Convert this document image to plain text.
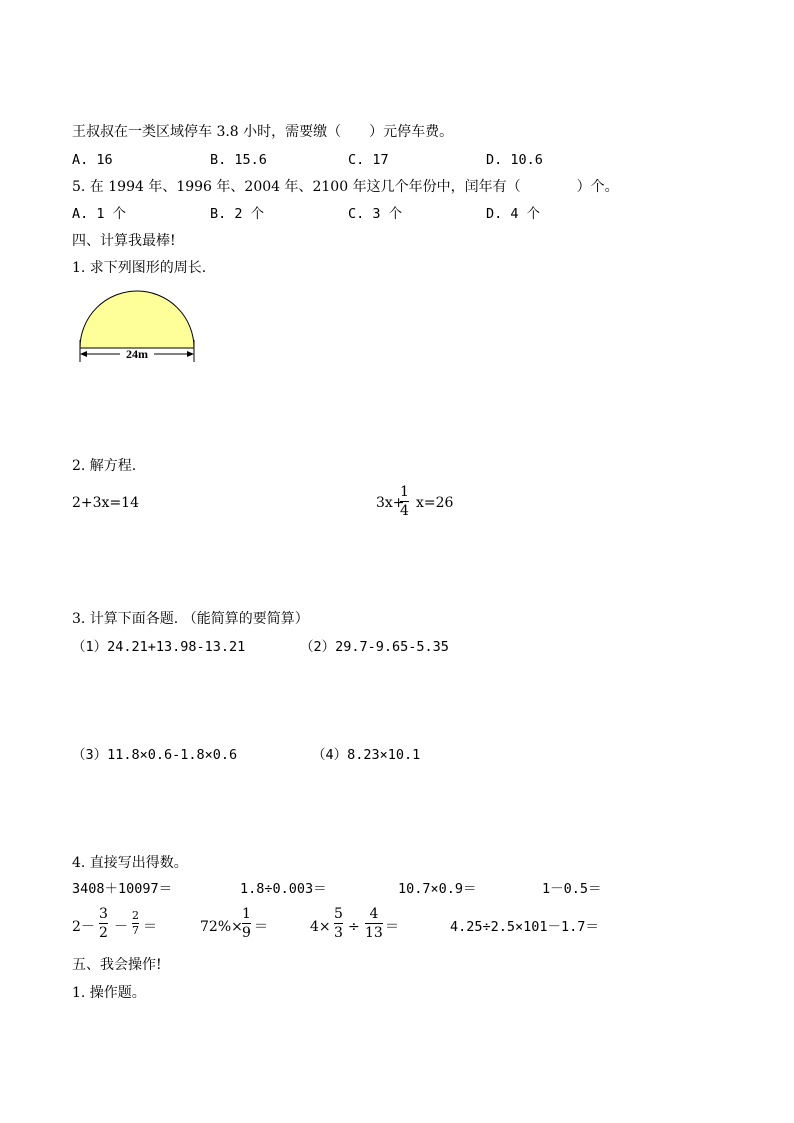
王叔叔在一类区域停车 3.8 小时，需要缴（　　）元停车费。
A. 16	B. 15.6	C. 17	D. 10.6
5. 在 1994 年、1996 年、2004 年、2100 年这几个年份中，闰年有（　　　　）个。
A. 1 个	B. 2 个	C. 3 个	D. 4 个
四、计算我最棒!
1. 求下列图形的周长.
24m
2. 解方程.
2+3x=14	3x+
1
4 x=26
3. 计算下面各题. （能简算的要简算）
（1）24.21+13.98-13.21	（2）29.7-9.65-5.35
（3）11.8×0.6-1.8×0.6	（4）8.23×10.1
4. 直接写出得数。
3408＋10097＝	1.8÷0.003＝	10.7×0.9＝	1－0.5＝
2－
3
2 －
2
7 ＝	72%×
1
9 ＝	4×
5
3 ÷
4
13 ＝	4.25÷2.5×101－1.7＝
五、我会操作!
1. 操作题。
